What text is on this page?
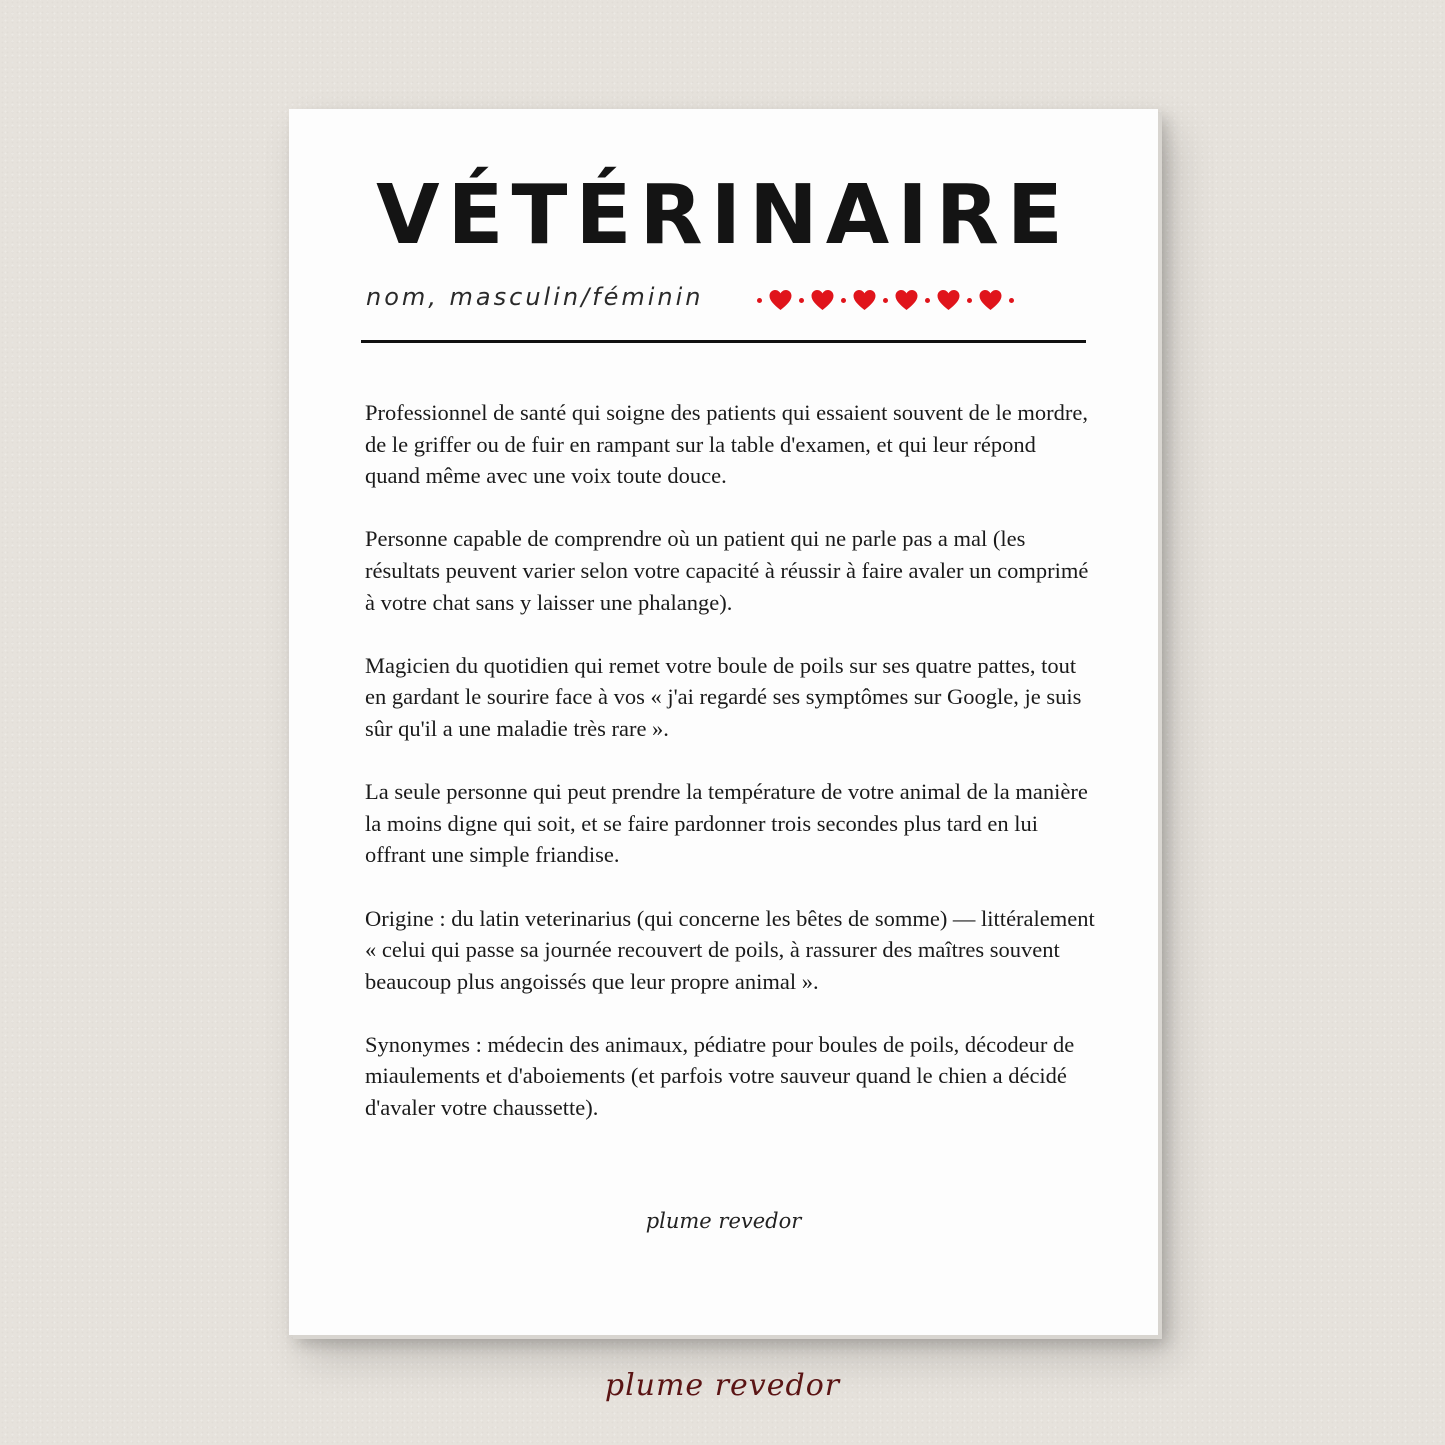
VÉTÉRINAIRE
nom, masculin/féminin

Professionnel de santé qui soigne des patients qui essaient souvent de le mordre, de le griffer ou de fuir en rampant sur la table d'examen, et qui leur répond quand même avec une voix toute douce.

Personne capable de comprendre où un patient qui ne parle pas a mal (les résultats peuvent varier selon votre capacité à réussir à faire avaler un comprimé à votre chat sans y laisser une phalange).

Magicien du quotidien qui remet votre boule de poils sur ses quatre pattes, tout en gardant le sourire face à vos « j'ai regardé ses symptômes sur Google, je suis sûr qu'il a une maladie très rare ».

La seule personne qui peut prendre la température de votre animal de la manière la moins digne qui soit, et se faire pardonner trois secondes plus tard en lui offrant une simple friandise.

Origine : du latin veterinarius (qui concerne les bêtes de somme) — littéralement « celui qui passe sa journée recouvert de poils, à rassurer des maîtres souvent beaucoup plus angoissés que leur propre animal ».

Synonymes : médecin des animaux, pédiatre pour boules de poils, décodeur de miaulements et d'aboiements (et parfois votre sauveur quand le chien a décidé d'avaler votre chaussette).

plume revedor
plume revedor
